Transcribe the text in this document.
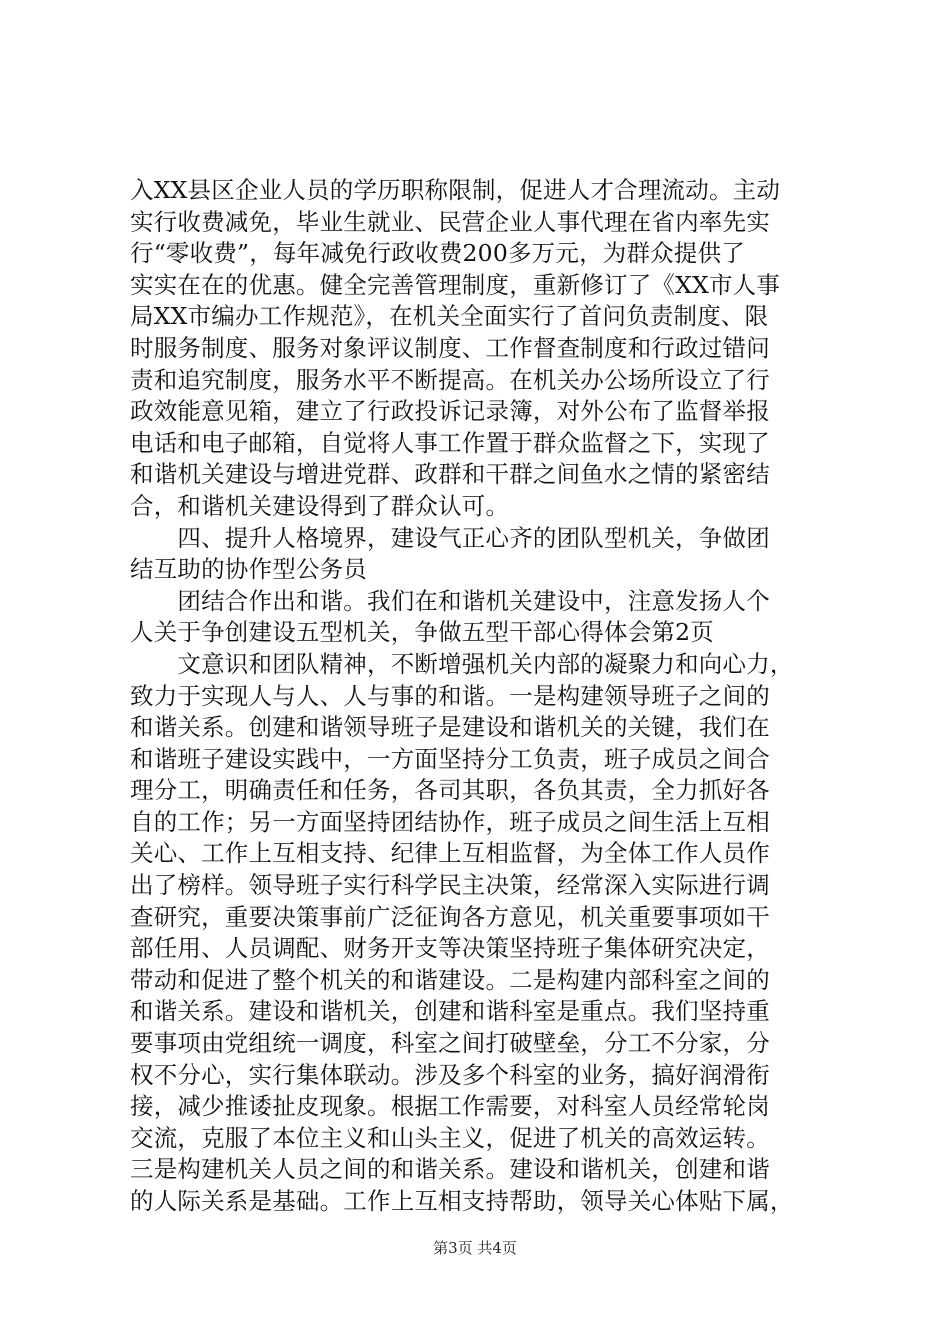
入XX县区企业人员的学历职称限制，促进人才合理流动。主动
实行收费减免，毕业生就业、民营企业人事代理在省内率先实
行“零收费”，每年减免行政收费200多万元，为群众提供了
实实在在的优惠。健全完善管理制度，重新修订了《XX市人事
局XX市编办工作规范》，在机关全面实行了首问负责制度、限
时服务制度、服务对象评议制度、工作督查制度和行政过错问
责和追究制度，服务水平不断提高。在机关办公场所设立了行
政效能意见箱，建立了行政投诉记录簿，对外公布了监督举报
电话和电子邮箱，自觉将人事工作置于群众监督之下，实现了
和谐机关建设与增进党群、政群和干群之间鱼水之情的紧密结
合，和谐机关建设得到了群众认可。
　　四、提升人格境界，建设气正心齐的团队型机关，争做团
结互助的协作型公务员
　　团结合作出和谐。我们在和谐机关建设中，注意发扬人个
人关于争创建设五型机关，争做五型干部心得体会第2页
　　文意识和团队精神，不断增强机关内部的凝聚力和向心力，
致力于实现人与人、人与事的和谐。一是构建领导班子之间的
和谐关系。创建和谐领导班子是建设和谐机关的关键，我们在
和谐班子建设实践中，一方面坚持分工负责，班子成员之间合
理分工，明确责任和任务，各司其职，各负其责，全力抓好各
自的工作；另一方面坚持团结协作，班子成员之间生活上互相
关心、工作上互相支持、纪律上互相监督，为全体工作人员作
出了榜样。领导班子实行科学民主决策，经常深入实际进行调
查研究，重要决策事前广泛征询各方意见，机关重要事项如干
部任用、人员调配、财务开支等决策坚持班子集体研究决定，
带动和促进了整个机关的和谐建设。二是构建内部科室之间的
和谐关系。建设和谐机关，创建和谐科室是重点。我们坚持重
要事项由党组统一调度，科室之间打破壁垒，分工不分家，分
权不分心，实行集体联动。涉及多个科室的业务，搞好润滑衔
接，减少推诿扯皮现象。根据工作需要，对科室人员经常轮岗
交流，克服了本位主义和山头主义，促进了机关的高效运转。
三是构建机关人员之间的和谐关系。建设和谐机关，创建和谐
的人际关系是基础。工作上互相支持帮助，领导关心体贴下属，
第3页 共4页
